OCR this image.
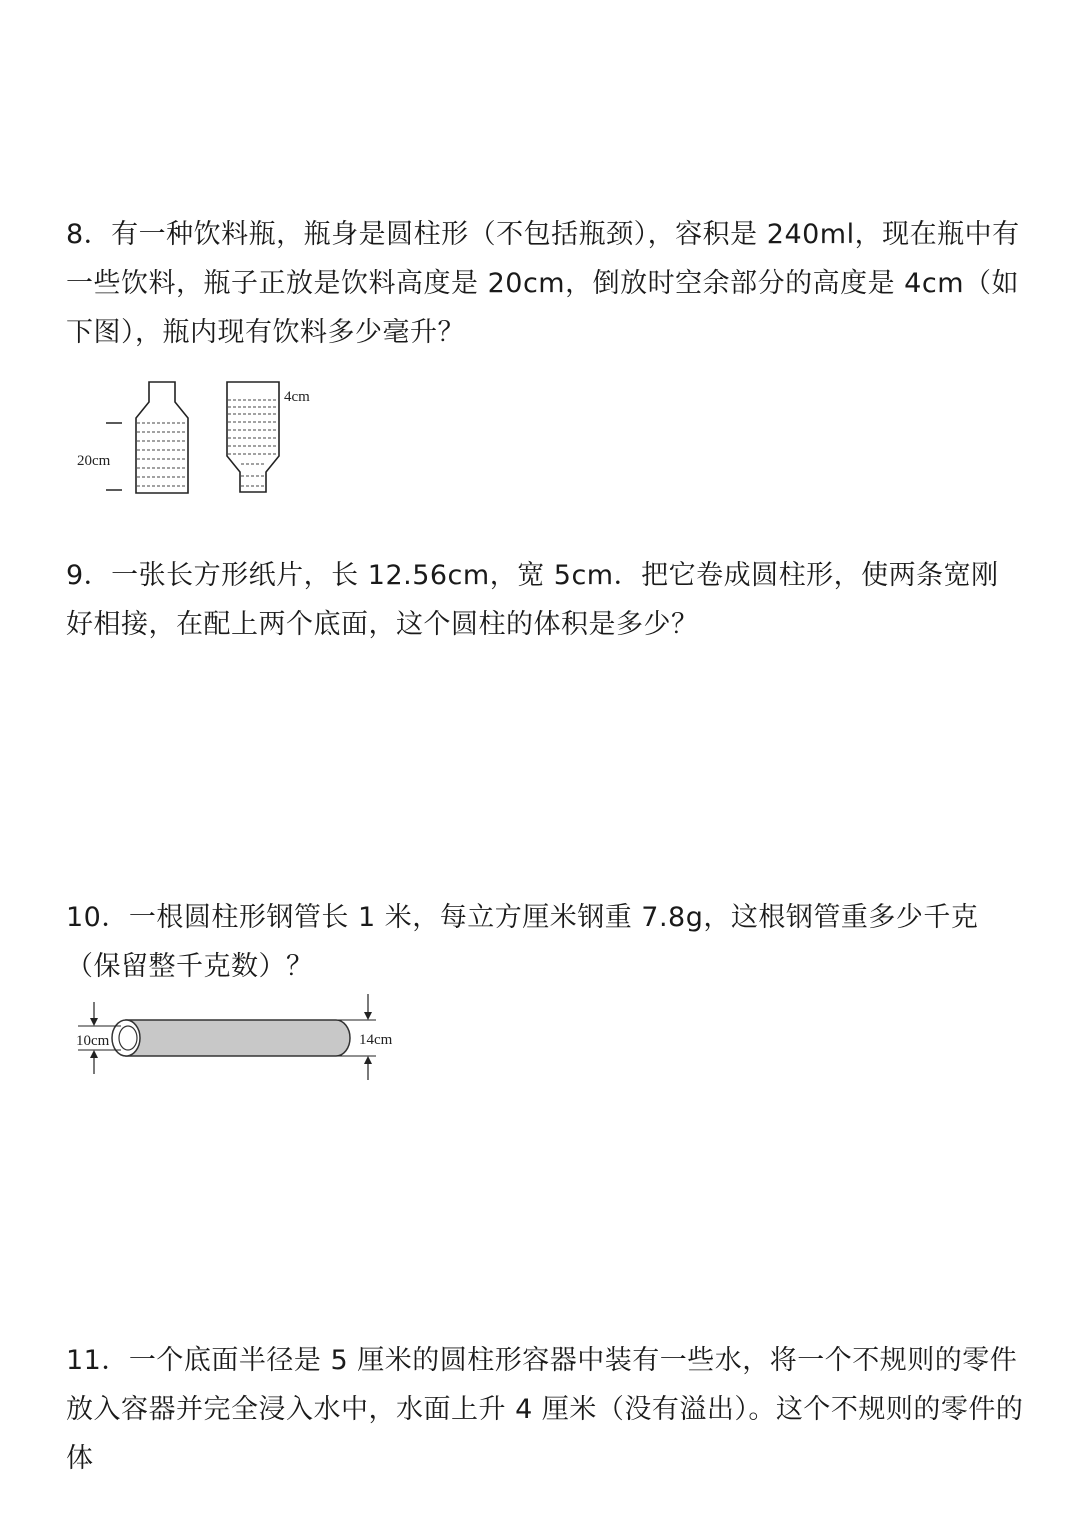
8．有一种饮料瓶，瓶身是圆柱形（不包括瓶颈），容积是 240ml，现在瓶中有一些饮料，瓶子正放是饮料高度是 20cm，倒放时空余部分的高度是 4cm（如下图），瓶内现有饮料多少毫升？

20cm
4cm

9．一张长方形纸片，长 12.56cm，宽 5cm．把它卷成圆柱形，使两条宽刚好相接，在配上两个底面，这个圆柱的体积是多少？

10．一根圆柱形钢管长 1 米，每立方厘米钢重 7.8g，这根钢管重多少千克（保留整千克数）？

10cm	14cm

11．一个底面半径是 5 厘米的圆柱形容器中装有一些水，将一个不规则的零件放入容器并完全浸入水中，水面上升 4 厘米（没有溢出）。这个不规则的零件的体
